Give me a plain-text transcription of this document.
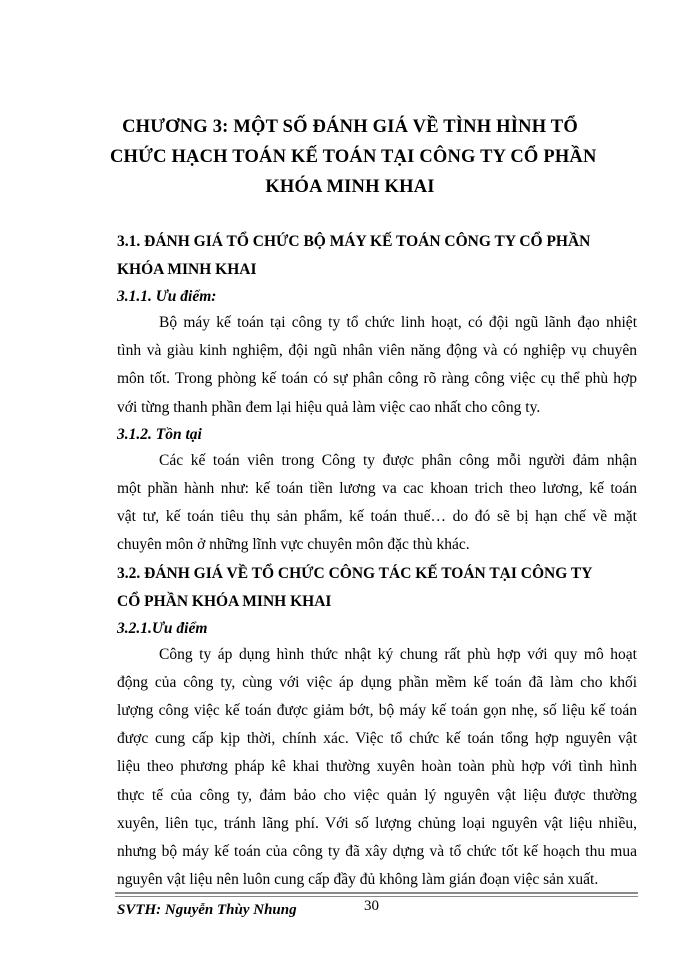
CHƯƠNG 3: MỘT SỐ ĐÁNH GIÁ VỀ TÌNH HÌNH TỔ
CHỨC HẠCH TOÁN KẾ TOÁN TẠI CÔNG TY CỔ PHẦN
KHÓA MINH KHAI
3.1. ĐÁNH GIÁ TỔ CHỨC BỘ MÁY KẾ TOÁN CÔNG TY CỔ PHẦN
KHÓA MINH KHAI
3.1.1. Ưu điểm:
Bộ máy kế toán tại công ty tổ chức linh hoạt, có đội ngũ lãnh đạo nhiệt
tình và giàu kinh nghiệm, đội ngũ nhân viên năng động và có nghiệp vụ chuyên
môn tốt. Trong phòng kế toán có sự phân công rõ ràng công việc cụ thể phù hợp
với từng thanh phần đem lại hiệu quả làm việc cao nhất cho công ty.
3.1.2. Tồn tại
Các kế toán viên trong Công ty được phân công mỗi người đảm nhận
một phần hành như: kế toán tiền lương va cac khoan trich theo lương, kế toán
vật tư, kế toán tiêu thụ sản phẩm, kế toán thuế… do đó sẽ bị hạn chế về mặt
chuyên môn ở những lĩnh vực chuyên môn đặc thù khác.
3.2. ĐÁNH GIÁ VỀ TỔ CHỨC CÔNG TÁC KẾ TOÁN TẠI CÔNG TY
CỔ PHẦN KHÓA MINH KHAI
3.2.1.Ưu điểm
Công ty áp dụng hình thức nhật ký chung rất phù hợp với quy mô hoạt
động của công ty, cùng với việc áp dụng phần mềm kế toán đã làm cho khối
lượng công việc kế toán được giảm bớt, bộ máy kế toán gọn nhẹ, số liệu kế toán
được cung cấp kịp thời, chính xác. Việc tổ chức kế toán tổng hợp nguyên vật
liệu theo phương pháp kê khai thường xuyên hoàn toàn phù hợp với tình hình
thực tế của công ty, đảm bảo cho việc quản lý nguyên vật liệu được thường
xuyên, liên tục, tránh lãng phí. Với số lượng chủng loại nguyên vật liệu nhiều,
nhưng bộ máy kế toán của công ty đã xây dựng và tổ chức tốt kế hoạch thu mua
nguyên vật liệu nên luôn cung cấp đầy đủ không làm gián đoạn việc sản xuất.
SVTH: Nguyễn Thùy Nhung	30
